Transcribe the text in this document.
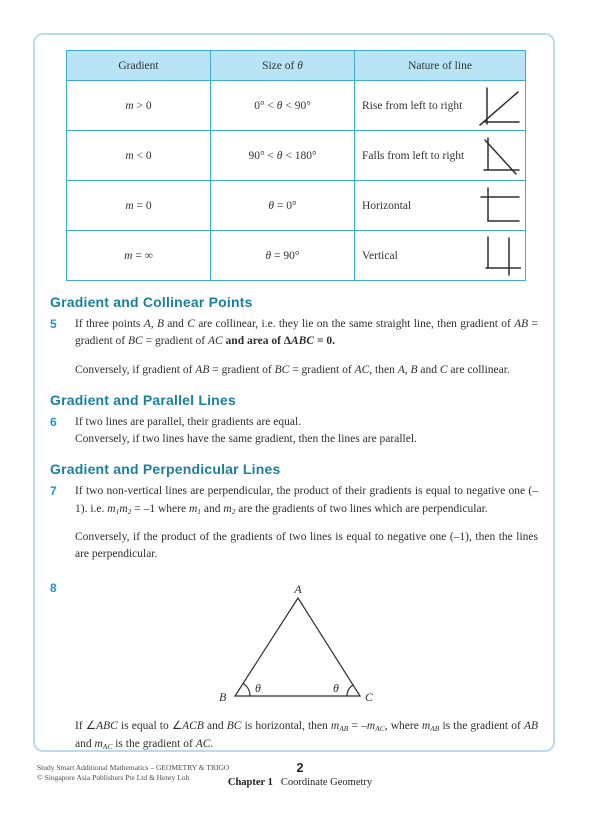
Gradient	Size of θ	Nature of line
m > 0	0° < θ < 90°	Rise from left to right

m < 0	90° < θ < 180°	Falls from left to right

m = 0	θ = 0°	Horizontal

m = ∞	θ = 90°	Vertical
Gradient and Collinear Points
5	If three points A, B and C are collinear, i.e. they lie on the same straight line, then gradient of AB = gradient of BC = gradient of AC and area of ΔABC = 0.

Conversely, if gradient of AB = gradient of BC = gradient of AC, then A, B and C are collinear.

Gradient and Parallel Lines
6	If two lines are parallel, their gradients are equal.

Conversely, if two lines have the same gradient, then the lines are parallel.

Gradient and Perpendicular Lines
7	If two non-vertical lines are perpendicular, the product of their gradients is equal to negative one (–1). i.e. m1m2 = –1 where m1 and m2 are the gradients of two lines which are perpendicular.

Conversely, if the product of the gradients of two lines is equal to negative one (–1), then the lines are perpendicular.

8	A
B	C
θ	θ

If ∠ABC is equal to ∠ACB and BC is horizontal, then mAB = –mAC, where mAB is the gradient of AB and mAC is the gradient of AC.

Study Smart Additional Mathematics – GEOMETRY & TRIGO
© Singapore Asia Publishers Pte Ltd & Henry Loh
2
Chapter 1 Coordinate Geometry
